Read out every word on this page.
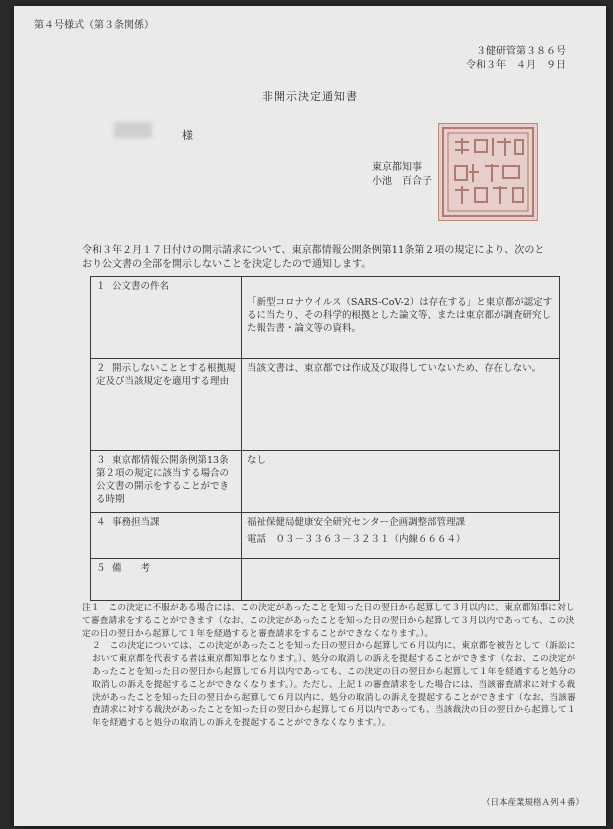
第４号様式（第３条関係）
３健研管第３８６号
令和３年　４月　９日
非開示決定通知書
様
東京都知事
小池　百合子
令和３年２月１７日付けの開示請求について、東京都情報公開条例第11条第２項の規定により、次のとおり公文書の全部を開示しないことを決定したので通知します。
１ 公文書の件名	「新型コロナウイルス（SARS-CoV-2）は存在する」と東京都が認定するに当たり、その科学的根拠とした論文等、または東京都が調査研究した報告書・論文等の資料。

２ 開示しないこととする根拠規定及び当該規定を適用する理由	当該文書は、東京都では作成及び取得していないため、存在しない。
３ 東京都情報公開条例第13条第２項の規定に該当する場合の公文書の開示をすることができる時期	なし
４ 事務担当課	福祉保健局健康安全研究センター企画調整部管理課
電話　０３－３３６３－３２３１（内線６６６４）

５ 備　　考	

注１　この決定に不服がある場合には、この決定があったことを知った日の翌日から起算して３月以内に、東京都知事に対して審査請求をすることができます（なお、この決定があったことを知った日の翌日から起算して３月以内であっても、この決定の日の翌日から起算して１年を経過すると審査請求をすることができなくなります。）。

２　この決定については、この決定があったことを知った日の翌日から起算して６月以内に、東京都を被告として（訴訟において東京都を代表する者は東京都知事となります。）、処分の取消しの訴えを提起することができます（なお、この決定があったことを知った日の翌日から起算して６月以内であっても、この決定の日の翌日から起算して１年を経過すると処分の取消しの訴えを提起することができなくなります。）。ただし、上記１の審査請求をした場合には、当該審査請求に対する裁決があったことを知った日の翌日から起算して６月以内に、処分の取消しの訴えを提起することができます（なお、当該審査請求に対する裁決があったことを知った日の翌日から起算して６月以内であっても、当該裁決の日の翌日から起算して１年を経過すると処分の取消しの訴えを提起することができなくなります。）。

（日本産業規格Ａ列４番）
